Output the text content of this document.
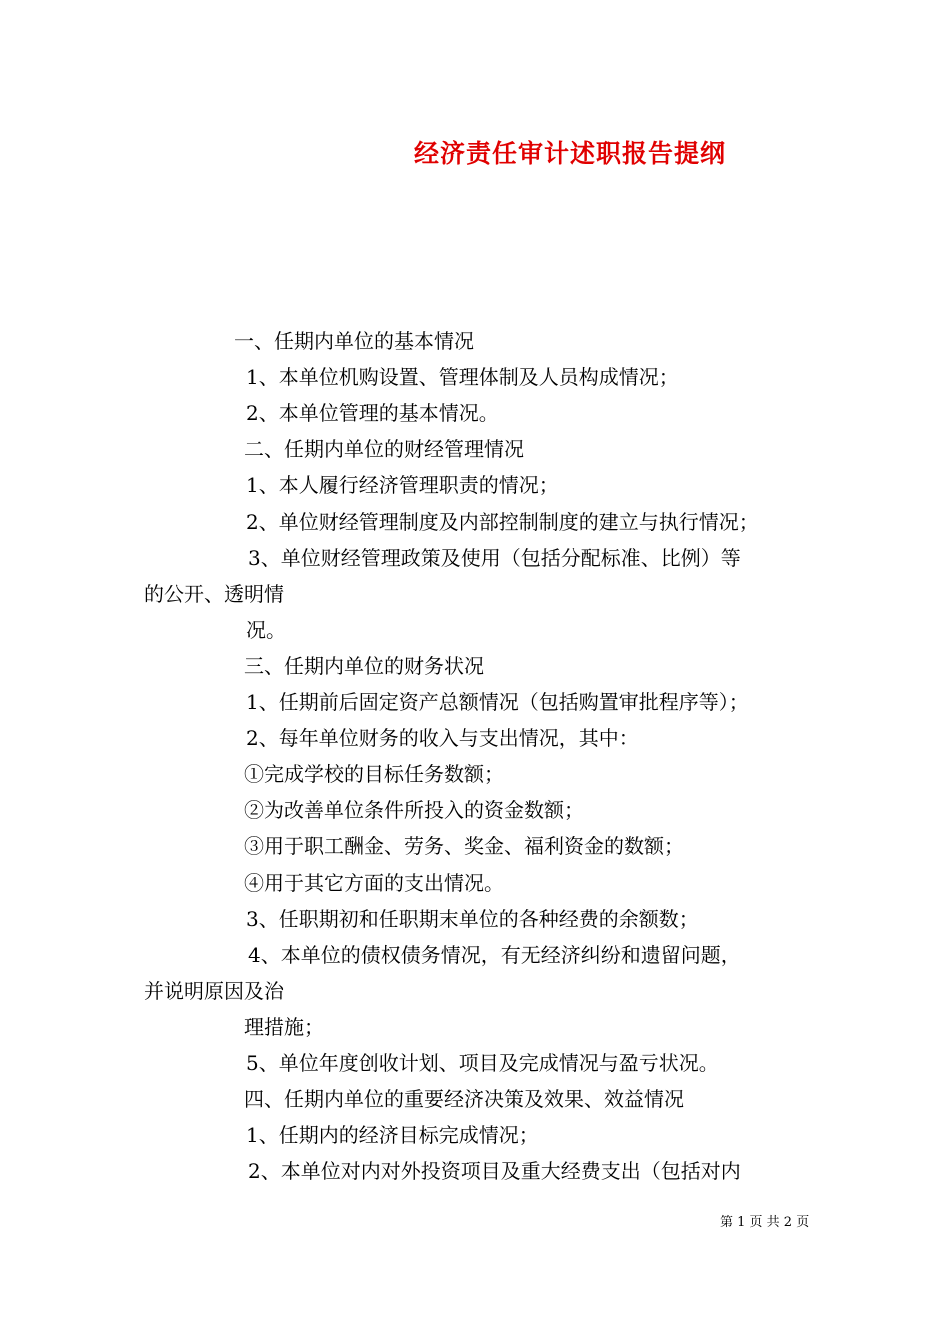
经济责任审计述职报告提纲
一、任期内单位的基本情况
1、本单位机购设置、管理体制及人员构成情况；
2、本单位管理的基本情况。
二、任期内单位的财经管理情况
1、本人履行经济管理职责的情况；
2、单位财经管理制度及内部控制制度的建立与执行情况；
3、单位财经管理政策及使用（包括分配标准、比例）等
的公开、透明情
况。
三、任期内单位的财务状况
1、任期前后固定资产总额情况（包括购置审批程序等）；
2、每年单位财务的收入与支出情况，其中：
①完成学校的目标任务数额；
②为改善单位条件所投入的资金数额；
③用于职工酬金、劳务、奖金、福利资金的数额；
④用于其它方面的支出情况。
3、任职期初和任职期末单位的各种经费的余额数；
4、本单位的债权债务情况，有无经济纠纷和遗留问题，
并说明原因及治
理措施；
5、单位年度创收计划、项目及完成情况与盈亏状况。
四、任期内单位的重要经济决策及效果、效益情况
1、任期内的经济目标完成情况；
2、本单位对内对外投资项目及重大经费支出（包括对内
第 1 页 共 2 页
